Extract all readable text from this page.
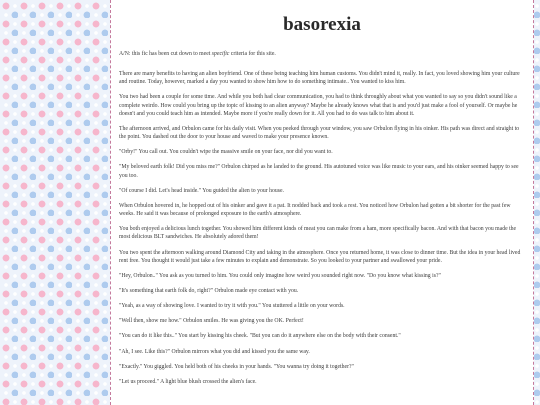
basorexia

A/N: this fic has been cut down to meet specific criteria for this site.

There are many benefits to having an alien boyfriend. One of these being teaching him human customs. You didn't mind it, really. In fact, you loved showing him your culture and routine. Today, however, marked a day you wanted to show him how to do something intimate.. You wanted to kiss him.

You two had been a couple for some time. And while you both had clear communication, you had to think throughly about what you wanted to say so you didn't sound like a complete weirdo. How could you bring up the topic of kissing to an alien anyway? Maybe he already knows what that is and you'd just make a fool of yourself. Or maybe he doesn't and you could teach him as intended. Maybe more if you're really down for it. All you had to do was talk to him about it.

The afternoon arrived, and Orbulon came for his daily visit. When you peeked through your window, you saw Orbulon flying in his oinker. His path was direct and straight to the point. You dashed out the door to your house and waved to make your presence known.

"Orby!" You call out. You couldn't wipe the massive smile on your face, nor did you want to.

"My beloved earth folk! Did you miss me?" Orbulon chirped as he landed to the ground. His autotuned voice was like music to your ears, and his oinker seemed happy to see you too.

"Of course I did. Let's head inside." You guided the alien to your house.

When Orbulon hovered in, he hopped out of his oinker and gave it a pat. It nodded back and took a rest. You noticed how Orbulon had gotten a bit shorter for the past few weeks. He said it was because of prolonged exposure to the earth's atmosphere.

You both enjoyed a delicious lunch together. You showed him different kinds of meat you can make from a ham, more specifically bacon. And with that bacon you made the most delicious BLT sandwiches. He absolutely adored them!

You two spent the afternoon walking around Diamond City and taking in the atmosphere. Once you returned home, it was close to dinner time. But the idea in your head lived rent free. You thought it would just take a few minutes to explain and demonstrate. So you looked to your partner and swallowed your pride.

"Hey, Orbulon.." You ask as you turned to him. You could only imagine how weird you sounded right now. "Do you know what kissing is?"

"It's something that earth folk do, right?" Orbulon made eye contact with you.

"Yeah, as a way of showing love. I wanted to try it with you." You stuttered a little on your words.

"Well then, show me how." Orbulon smiles. He was giving you the OK. Perfect!

"You can do it like this.." You start by kissing his cheek. "But you can do it anywhere else on the body with their consent."

"Ah, I see. Like this?" Orbulon mirrors what you did and kissed you the same way.

"Exactly." You giggled. You held both of his cheeks in your hands. "You wanna try doing it together?"

"Let us proceed." A light blue blush crossed the alien's face.
